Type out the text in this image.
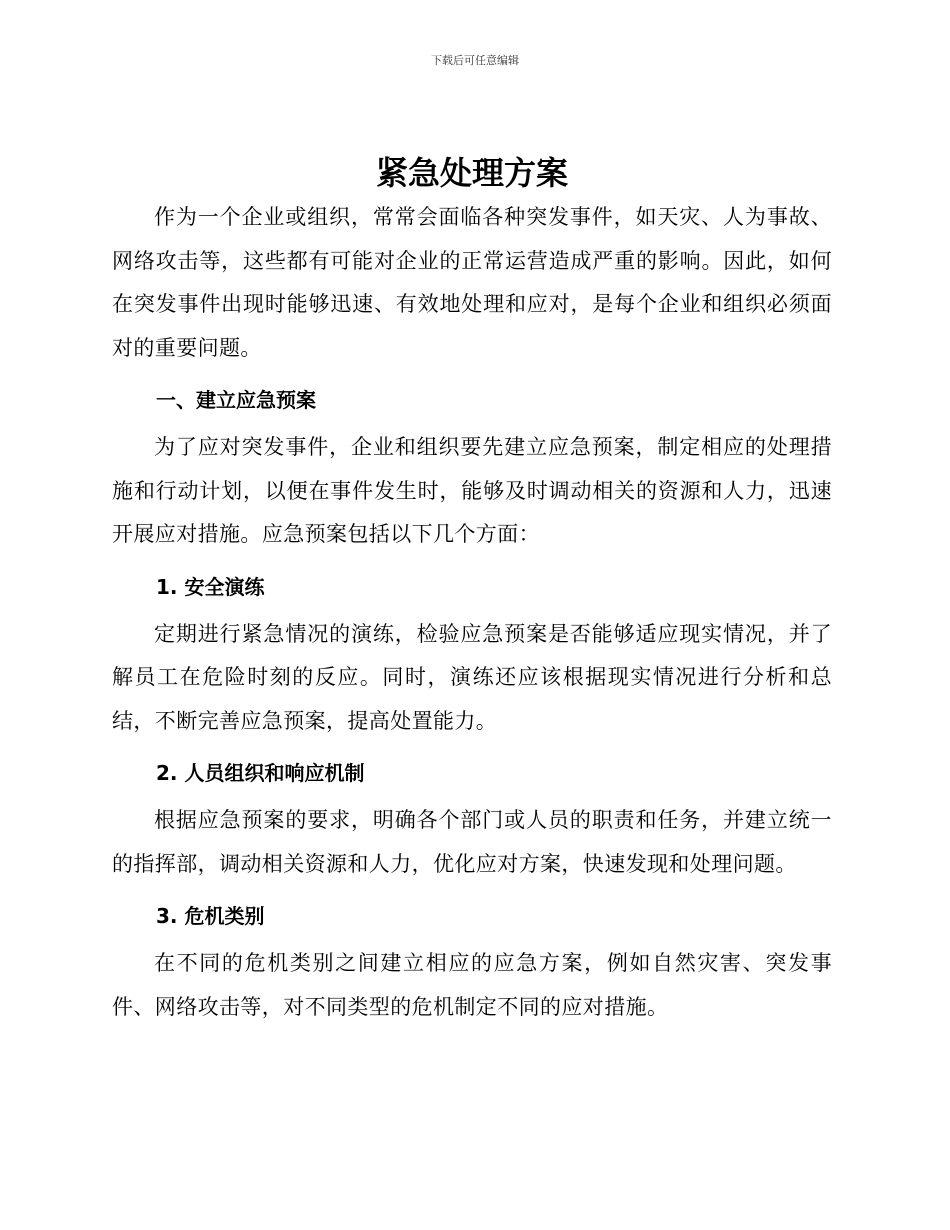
下载后可任意编辑
紧急处理方案

作为一个企业或组织，常常会面临各种突发事件，如天灾、人为事故、网络攻击等，这些都有可能对企业的正常运营造成严重的影响。因此，如何在突发事件出现时能够迅速、有效地处理和应对，是每个企业和组织必须面对的重要问题。

一、建立应急预案

为了应对突发事件，企业和组织要先建立应急预案，制定相应的处理措施和行动计划，以便在事件发生时，能够及时调动相关的资源和人力，迅速开展应对措施。应急预案包括以下几个方面：

1. 安全演练

定期进行紧急情况的演练，检验应急预案是否能够适应现实情况，并了解员工在危险时刻的反应。同时，演练还应该根据现实情况进行分析和总结，不断完善应急预案，提高处置能力。

2. 人员组织和响应机制

根据应急预案的要求，明确各个部门或人员的职责和任务，并建立统一的指挥部，调动相关资源和人力，优化应对方案，快速发现和处理问题。

3. 危机类别

在不同的危机类别之间建立相应的应急方案，例如自然灾害、突发事件、网络攻击等，对不同类型的危机制定不同的应对措施。
